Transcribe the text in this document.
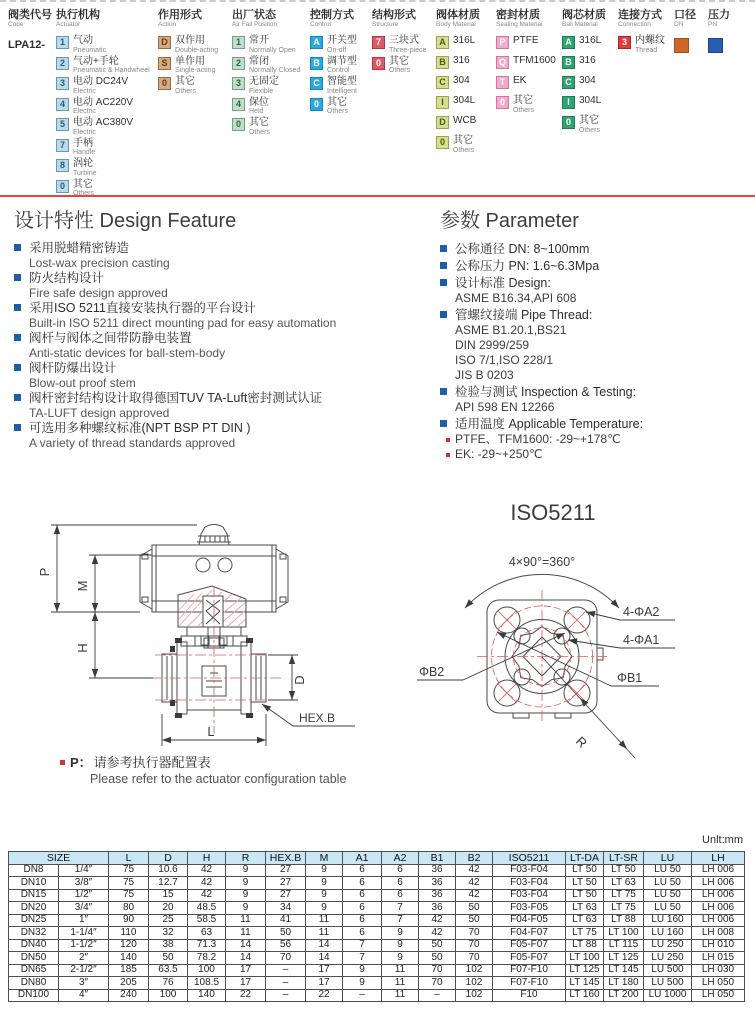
阀类代号
Code
LPA12-
执行机构
Actuator
1 气动
Pneumatic
2 气动+手轮
Pneumatic & Handwheel
3 电动 DC24V
Electric
4 电动 AC220V
Electric
5 电动 AC380V
Electric
7 手柄
Handle
8 涡轮
Turbine
0 其它
Others
作用形式
Action
D 双作用
Double-acting
S 单作用
Single-acting
0 其它
Others
出厂状态
Air Fail Position
1 常开
Normally Open
2 常闭
Normally Closed
3 无固定
Flexible
4 保位
Held
0 其它
Others
控制方式
Control
A 开关型
On-off
B 调节型
Control
C 智能型
Intelligent
0 其它
Others
结构形式
Structure
7 三块式
Three-piece
0 其它
Others
阀体材质
Body Material
A 316L
B 316
C 304
I 304L
D WCB
0 其它
Others
密封材质
Sealing Material
P PTFE
Q TFM1600
T EK
0 其它
Others
阀芯材质
Ball Material
A 316L
B 316
C 304
I 304L
0 其它
Others
连接方式
Connection
3 内螺纹
Thread
口径
DN
压力
PN
设计特性 Design Feature
采用脱蜡精密铸造
Lost-wax precision casting
防火结构设计
Fire safe design approved
采用ISO 5211直接安装执行器的平台设计
Built-in ISO 5211 direct mounting pad for easy automation
阀杆与阀体之间带防静电装置
Anti-static devices for ball-stem-body
阀杆防爆出设计
Blow-out proof stem
阀杆密封结构设计取得德国TUV TA-Luft密封测试认证
TA-LUFT design approved
可选用多种螺纹标准(NPT BSP PT DIN )
A variety of thread standards approved
参数 Parameter
公称通径 DN: 8~100mm
公称压力 PN: 1.6~6.3Mpa
设计标准 Design:
ASME B16.34,API 608
管螺纹接端 Pipe Thread:
ASME B1.20.1,BS21
DIN 2999/259
ISO 7/1,ISO 228/1
JIS B 0203
检验与测试 Inspection & Testing:
API 598 EN 12266
适用温度 Applicable Temperature:
PTFE、TFM1600: -29~+178℃
EK: -29~+250℃
P
M
H
D
L
HEX.B
ISO5211
4×90°=360°
4-ΦA2
4-ΦA1
ΦB2	ΦB1
R
P： 请参考执行器配置表
Please refer to the actuator configuration table
Unlt:mm
SIZE		L	D	H	R	HEX.B	M	A1	A2	B1	B2	ISO5211	LT-DA	LT-SR	LU	LH
DN8	1/4″	75	10.6	42	9	27	9	6	6	36	42	F03-F04	LT 50	LT 50	LU 50	LH 006
DN10	3/8″	75	12.7	42	9	27	9	6	6	36	42	F03-F04	LT 50	LT 63	LU 50	LH 006
DN15	1/2″	75	15	42	9	27	9	6	6	36	42	F03-F04	LT 50	LT 75	LU 50	LH 006
DN20	3/4″	80	20	48.5	9	34	9	6	7	36	50	F03-F05	LT 63	LT 75	LU 50	LH 006
DN25	1″	90	25	58.5	11	41	11	6	7	42	50	F04-F05	LT 63	LT 88	LU 160	LH 006
DN32	1-1/4″	110	32	63	11	50	11	6	9	42	70	F04-F07	LT 75	LT 100	LU 160	LH 008
DN40	1-1/2″	120	38	71.3	14	56	14	7	9	50	70	F05-F07	LT 88	LT 115	LU 250	LH 010
DN50	2″	140	50	78.2	14	70	14	7	9	50	70	F05-F07	LT 100	LT 125	LU 250	LH 015
DN65	2-1/2″	185	63.5	100	17	–	17	9	11	70	102	F07-F10	LT 125	LT 145	LU 500	LH 030
DN80	3″	205	76	108.5	17	–	17	9	11	70	102	F07-F10	LT 145	LT 180	LU 500	LH 050
DN100	4″	240	100	140	22	–	22	–	11	–	102	F10	LT 160	LT 200	LU 1000	LH 050
